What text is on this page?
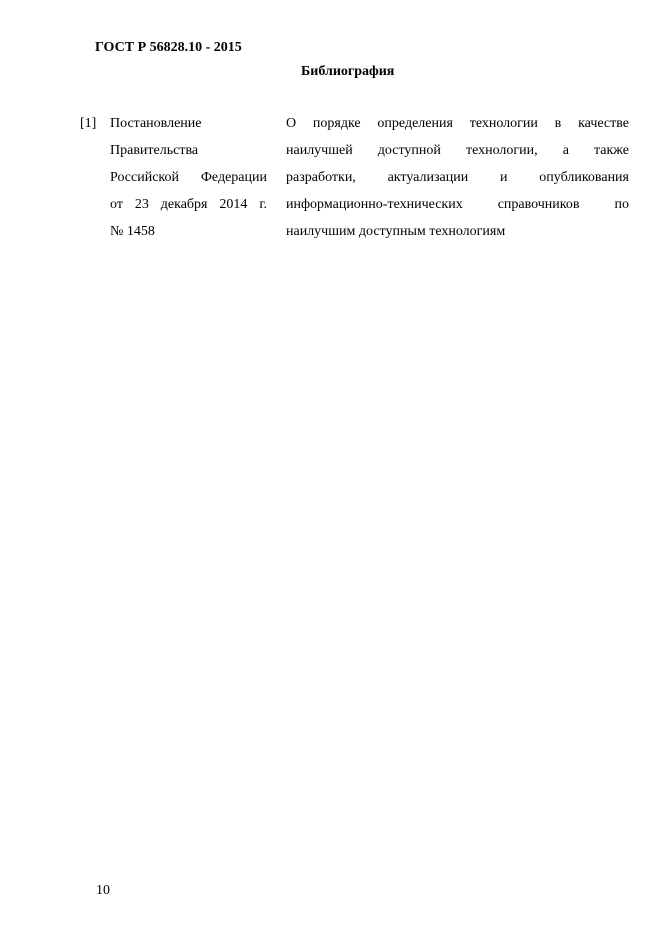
ГОСТ Р 56828.10 - 2015
Библиография
[1] Постановление
Правительства
Российской Федерации
от 23 декабря 2014 г.
№ 1458
О порядке определения технологии в качестве
наилучшей доступной технологии, а также
разработки, актуализации и опубликования
информационно-технических справочников по
наилучшим доступным технологиям
10
